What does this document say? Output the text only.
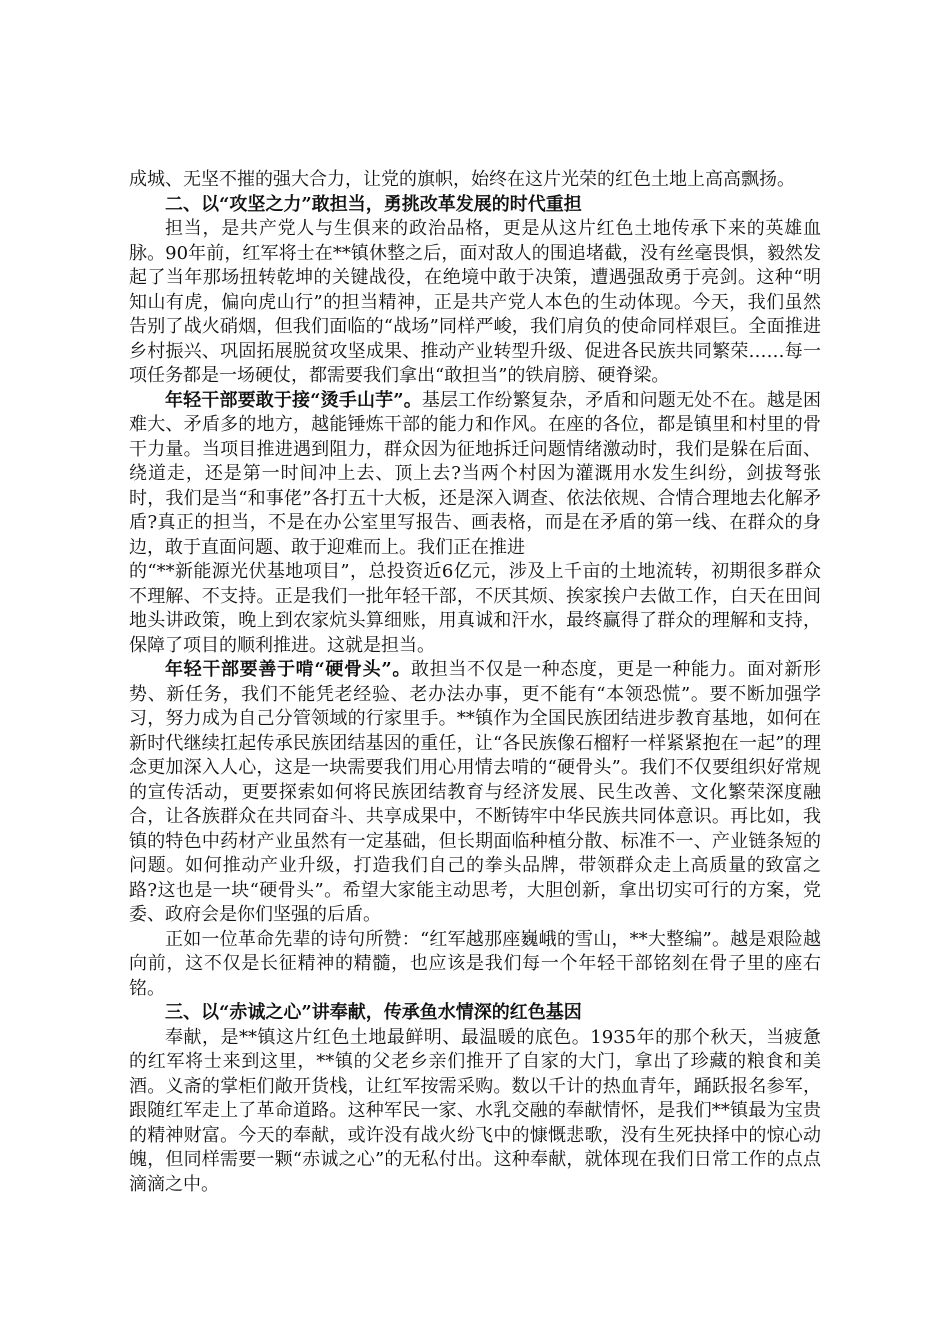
成城、无坚不摧的强大合力，让党的旗帜，始终在这片光荣的红色土地上高高飘扬。

二、以“攻坚之力”敢担当，勇挑改革发展的时代重担

担当，是共产党人与生俱来的政治品格，更是从这片红色土地传承下来的英雄血脉。90年前，红军将士在**镇休整之后，面对敌人的围追堵截，没有丝毫畏惧，毅然发起了当年那场扭转乾坤的关键战役，在绝境中敢于决策，遭遇强敌勇于亮剑。这种“明知山有虎，偏向虎山行”的担当精神，正是共产党人本色的生动体现。今天，我们虽然告别了战火硝烟，但我们面临的“战场”同样严峻，我们肩负的使命同样艰巨。全面推进乡村振兴、巩固拓展脱贫攻坚成果、推动产业转型升级、促进各民族共同繁荣……每一项任务都是一场硬仗，都需要我们拿出“敢担当”的铁肩膀、硬脊梁。

年轻干部要敢于接“烫手山芋”。基层工作纷繁复杂，矛盾和问题无处不在。越是困难大、矛盾多的地方，越能锤炼干部的能力和作风。在座的各位，都是镇里和村里的骨干力量。当项目推进遇到阻力，群众因为征地拆迁问题情绪激动时，我们是躲在后面、绕道走，还是第一时间冲上去、顶上去?当两个村因为灌溉用水发生纠纷，剑拔弩张时，我们是当“和事佬”各打五十大板，还是深入调查、依法依规、合情合理地去化解矛盾?真正的担当，不是在办公室里写报告、画表格，而是在矛盾的第一线、在群众的身边，敢于直面问题、敢于迎难而上。我们正在推进

的“**新能源光伏基地项目”，总投资近6亿元，涉及上千亩的土地流转，初期很多群众不理解、不支持。正是我们一批年轻干部，不厌其烦、挨家挨户去做工作，白天在田间地头讲政策，晚上到农家炕头算细账，用真诚和汗水，最终赢得了群众的理解和支持，保障了项目的顺利推进。这就是担当。

年轻干部要善于啃“硬骨头”。敢担当不仅是一种态度，更是一种能力。面对新形势、新任务，我们不能凭老经验、老办法办事，更不能有“本领恐慌”。要不断加强学习，努力成为自己分管领域的行家里手。**镇作为全国民族团结进步教育基地，如何在新时代继续扛起传承民族团结基因的重任，让“各民族像石榴籽一样紧紧抱在一起”的理念更加深入人心，这是一块需要我们用心用情去啃的“硬骨头”。我们不仅要组织好常规的宣传活动，更要探索如何将民族团结教育与经济发展、民生改善、文化繁荣深度融合，让各族群众在共同奋斗、共享成果中，不断铸牢中华民族共同体意识。再比如，我镇的特色中药材产业虽然有一定基础，但长期面临种植分散、标准不一、产业链条短的问题。如何推动产业升级，打造我们自己的拳头品牌，带领群众走上高质量的致富之路?这也是一块“硬骨头”。希望大家能主动思考，大胆创新，拿出切实可行的方案，党委、政府会是你们坚强的后盾。

正如一位革命先辈的诗句所赞：“红军越那座巍峨的雪山，**大整编”。越是艰险越向前，这不仅是长征精神的精髓，也应该是我们每一个年轻干部铭刻在骨子里的座右铭。

三、以“赤诚之心”讲奉献，传承鱼水情深的红色基因

奉献，是**镇这片红色土地最鲜明、最温暖的底色。1935年的那个秋天，当疲惫的红军将士来到这里，**镇的父老乡亲们推开了自家的大门，拿出了珍藏的粮食和美酒。义斋的掌柜们敞开货栈，让红军按需采购。数以千计的热血青年，踊跃报名参军，跟随红军走上了革命道路。这种军民一家、水乳交融的奉献情怀，是我们**镇最为宝贵的精神财富。今天的奉献，或许没有战火纷飞中的慷慨悲歌，没有生死抉择中的惊心动魄，但同样需要一颗“赤诚之心”的无私付出。这种奉献，就体现在我们日常工作的点点滴滴之中。
